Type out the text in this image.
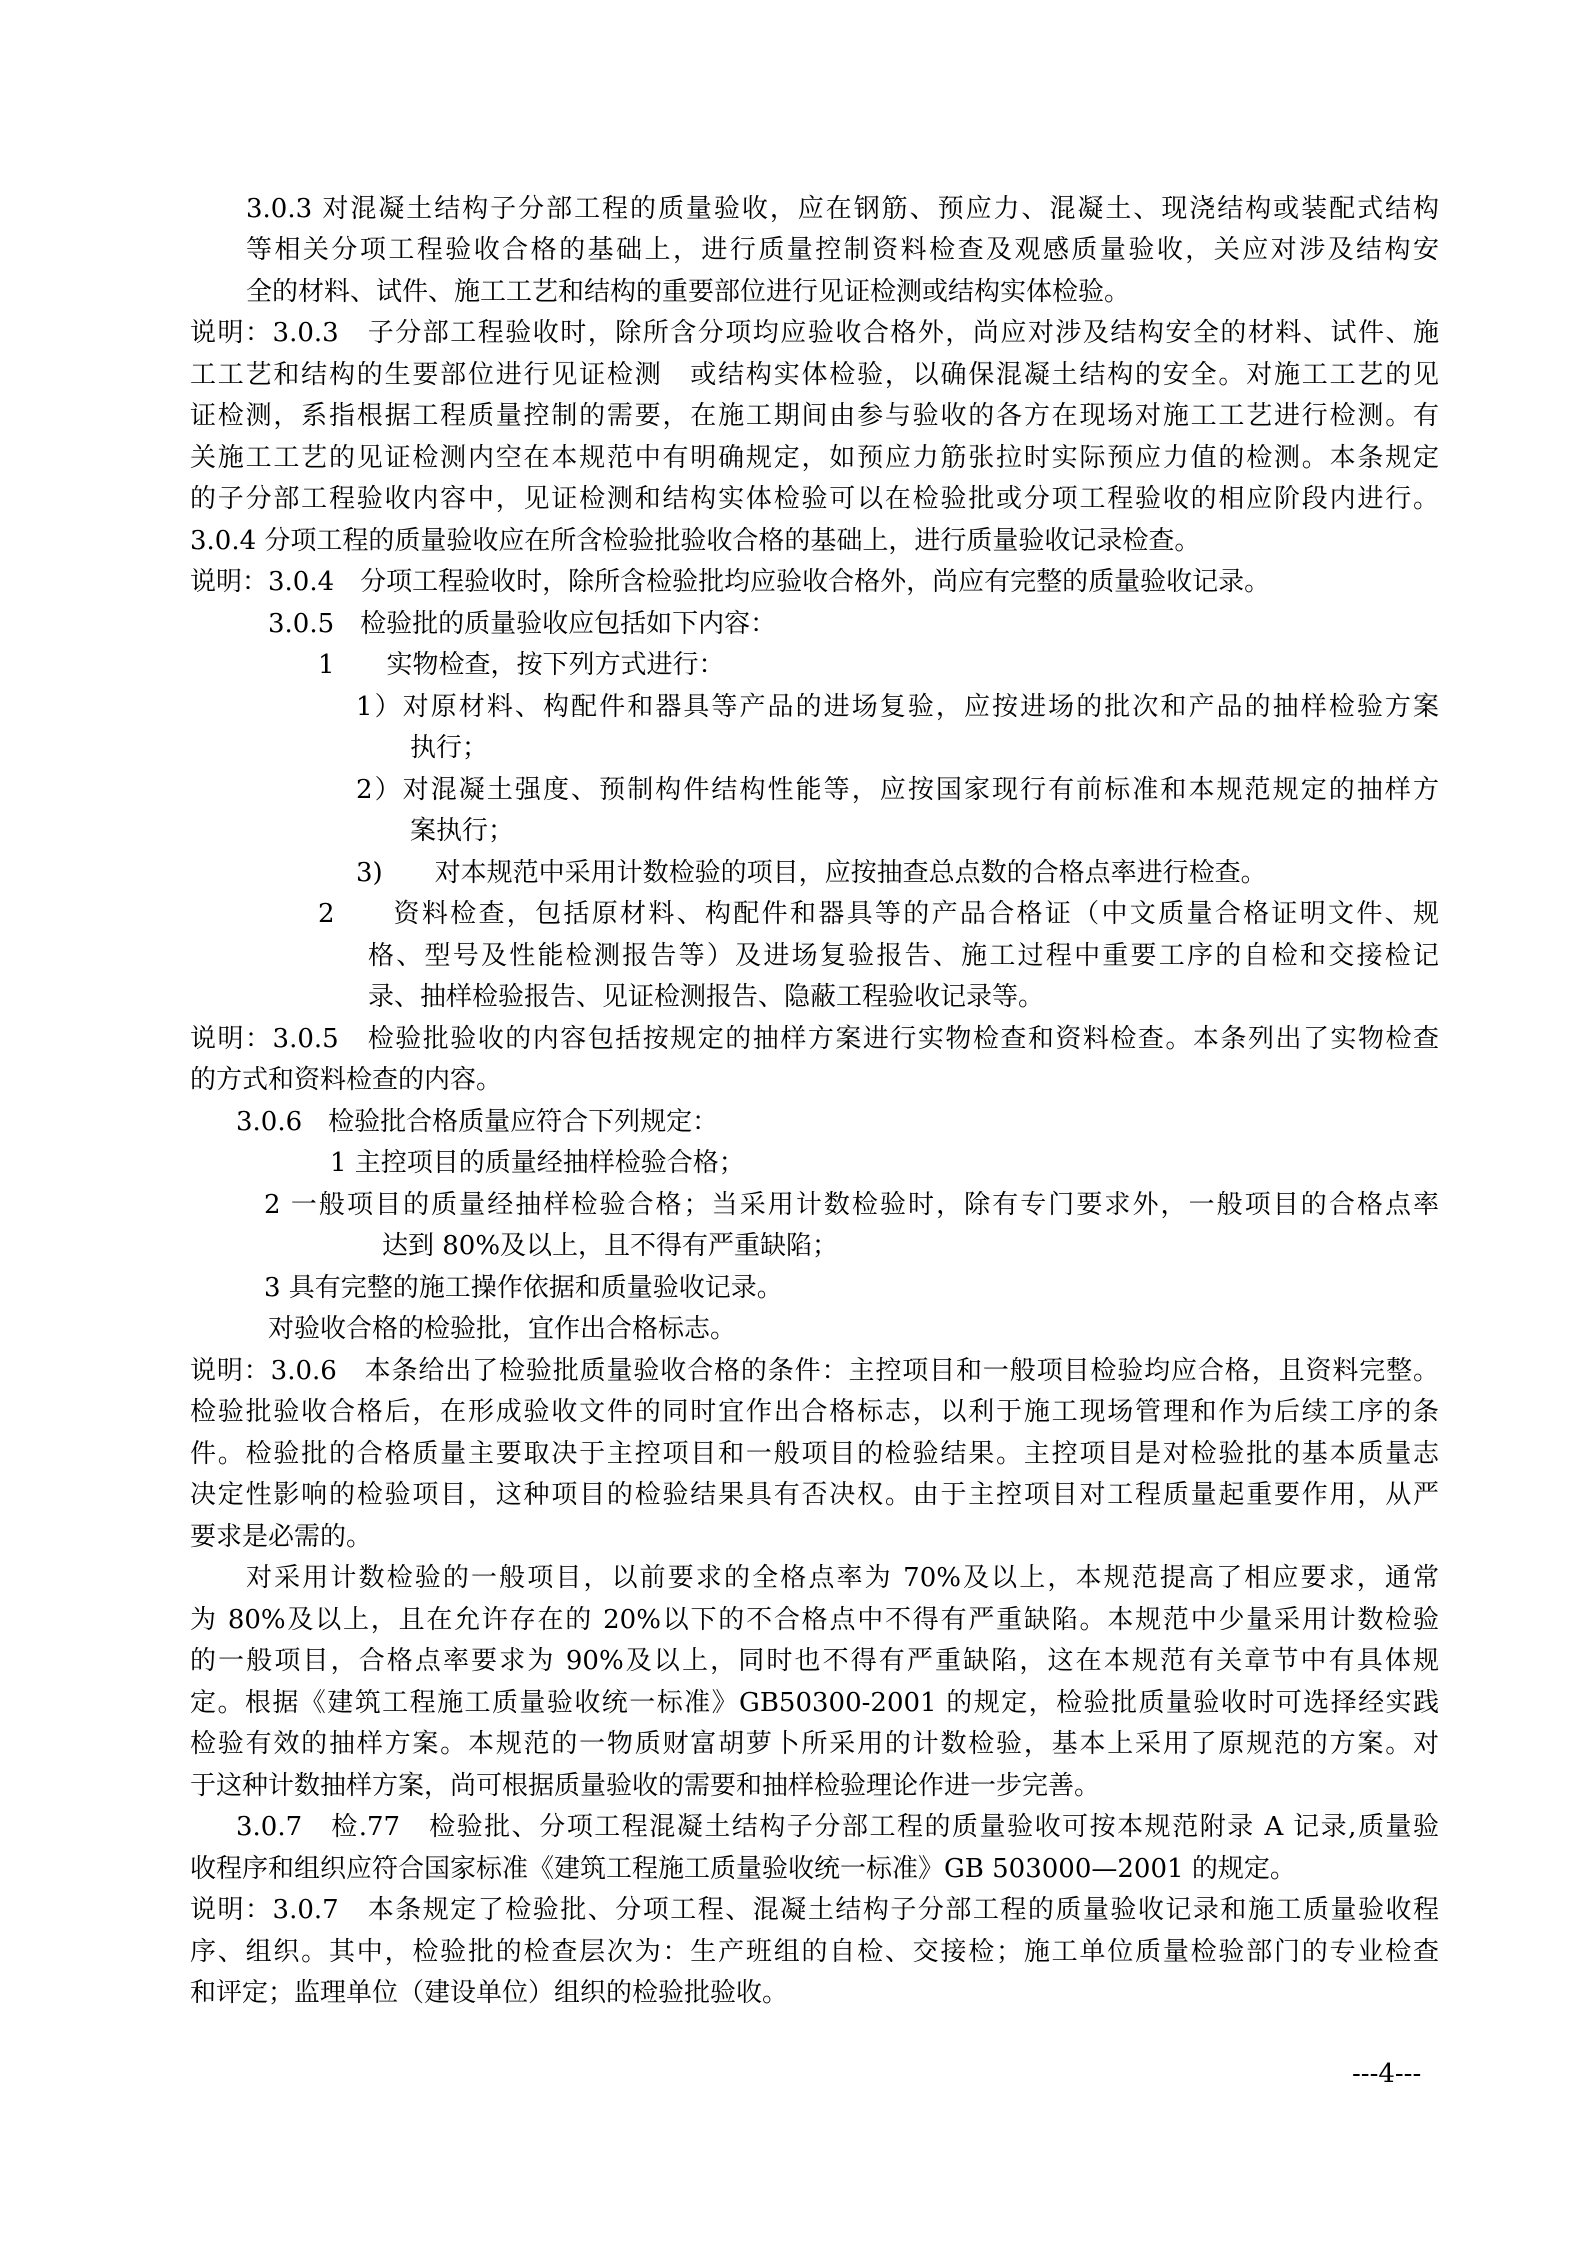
3.0.3 对混凝土结构子分部工程的质量验收，应在钢筋、预应力、混凝土、现浇结构或装配式结构
等相关分项工程验收合格的基础上，进行质量控制资料检查及观感质量验收，关应对涉及结构安
全的材料、试件、施工工艺和结构的重要部位进行见证检测或结构实体检验。
说明：3.0.3　子分部工程验收时，除所含分项均应验收合格外，尚应对涉及结构安全的材料、试件、施
工工艺和结构的生要部位进行见证检测　或结构实体检验，以确保混凝土结构的安全。对施工工艺的见
证检测，系指根据工程质量控制的需要，在施工期间由参与验收的各方在现场对施工工艺进行检测。有
关施工工艺的见证检测内空在本规范中有明确规定，如预应力筋张拉时实际预应力值的检测。本条规定
的子分部工程验收内容中，见证检测和结构实体检验可以在检验批或分项工程验收的相应阶段内进行。
3.0.4 分项工程的质量验收应在所含检验批验收合格的基础上，进行质量验收记录检查。
说明：3.0.4　分项工程验收时，除所含检验批均应验收合格外，尚应有完整的质量验收记录。
3.0.5　检验批的质量验收应包括如下内容：
1　　实物检查，按下列方式进行：
1）对原材料、构配件和器具等产品的进场复验，应按进场的批次和产品的抽样检验方案
执行；
2）对混凝土强度、预制构件结构性能等，应按国家现行有前标准和本规范规定的抽样方
案执行；
3)　　对本规范中采用计数检验的项目，应按抽查总点数的合格点率进行检查。
2　　资料检查，包括原材料、构配件和器具等的产品合格证（中文质量合格证明文件、规
格、型号及性能检测报告等）及进场复验报告、施工过程中重要工序的自检和交接检记
录、抽样检验报告、见证检测报告、隐蔽工程验收记录等。
说明：3.0.5　检验批验收的内容包括按规定的抽样方案进行实物检查和资料检查。本条列出了实物检查
的方式和资料检查的内容。
3.0.6　检验批合格质量应符合下列规定：
1 主控项目的质量经抽样检验合格；
2 一般项目的质量经抽样检验合格；当采用计数检验时，除有专门要求外，一般项目的合格点率
达到 80%及以上，且不得有严重缺陷；
3 具有完整的施工操作依据和质量验收记录。
对验收合格的检验批，宜作出合格标志。
说明：3.0.6　本条给出了检验批质量验收合格的条件：主控项目和一般项目检验均应合格，且资料完整。
检验批验收合格后，在形成验收文件的同时宜作出合格标志，以利于施工现场管理和作为后续工序的条
件。检验批的合格质量主要取决于主控项目和一般项目的检验结果。主控项目是对检验批的基本质量志
决定性影响的检验项目，这种项目的检验结果具有否决权。由于主控项目对工程质量起重要作用，从严
要求是必需的。
对采用计数检验的一般项目，以前要求的全格点率为 70%及以上，本规范提高了相应要求，通常
为 80%及以上，且在允许存在的 20%以下的不合格点中不得有严重缺陷。本规范中少量采用计数检验
的一般项目，合格点率要求为 90%及以上，同时也不得有严重缺陷，这在本规范有关章节中有具体规
定。根据《建筑工程施工质量验收统一标准》GB50300-2001 的规定，检验批质量验收时可选择经实践
检验有效的抽样方案。本规范的一物质财富胡萝卜所采用的计数检验，基本上采用了原规范的方案。对
于这种计数抽样方案，尚可根据质量验收的需要和抽样检验理论作进一步完善。
3.0.7　检.77　检验批、分项工程混凝土结构子分部工程的质量验收可按本规范附录 A 记录,质量验
收程序和组织应符合国家标准《建筑工程施工质量验收统一标准》GB 503000—2001 的规定。
说明：3.0.7　本条规定了检验批、分项工程、混凝土结构子分部工程的质量验收记录和施工质量验收程
序、组织。其中，检验批的检查层次为：生产班组的自检、交接检；施工单位质量检验部门的专业检查
和评定；监理单位（建设单位）组织的检验批验收。
---4---
